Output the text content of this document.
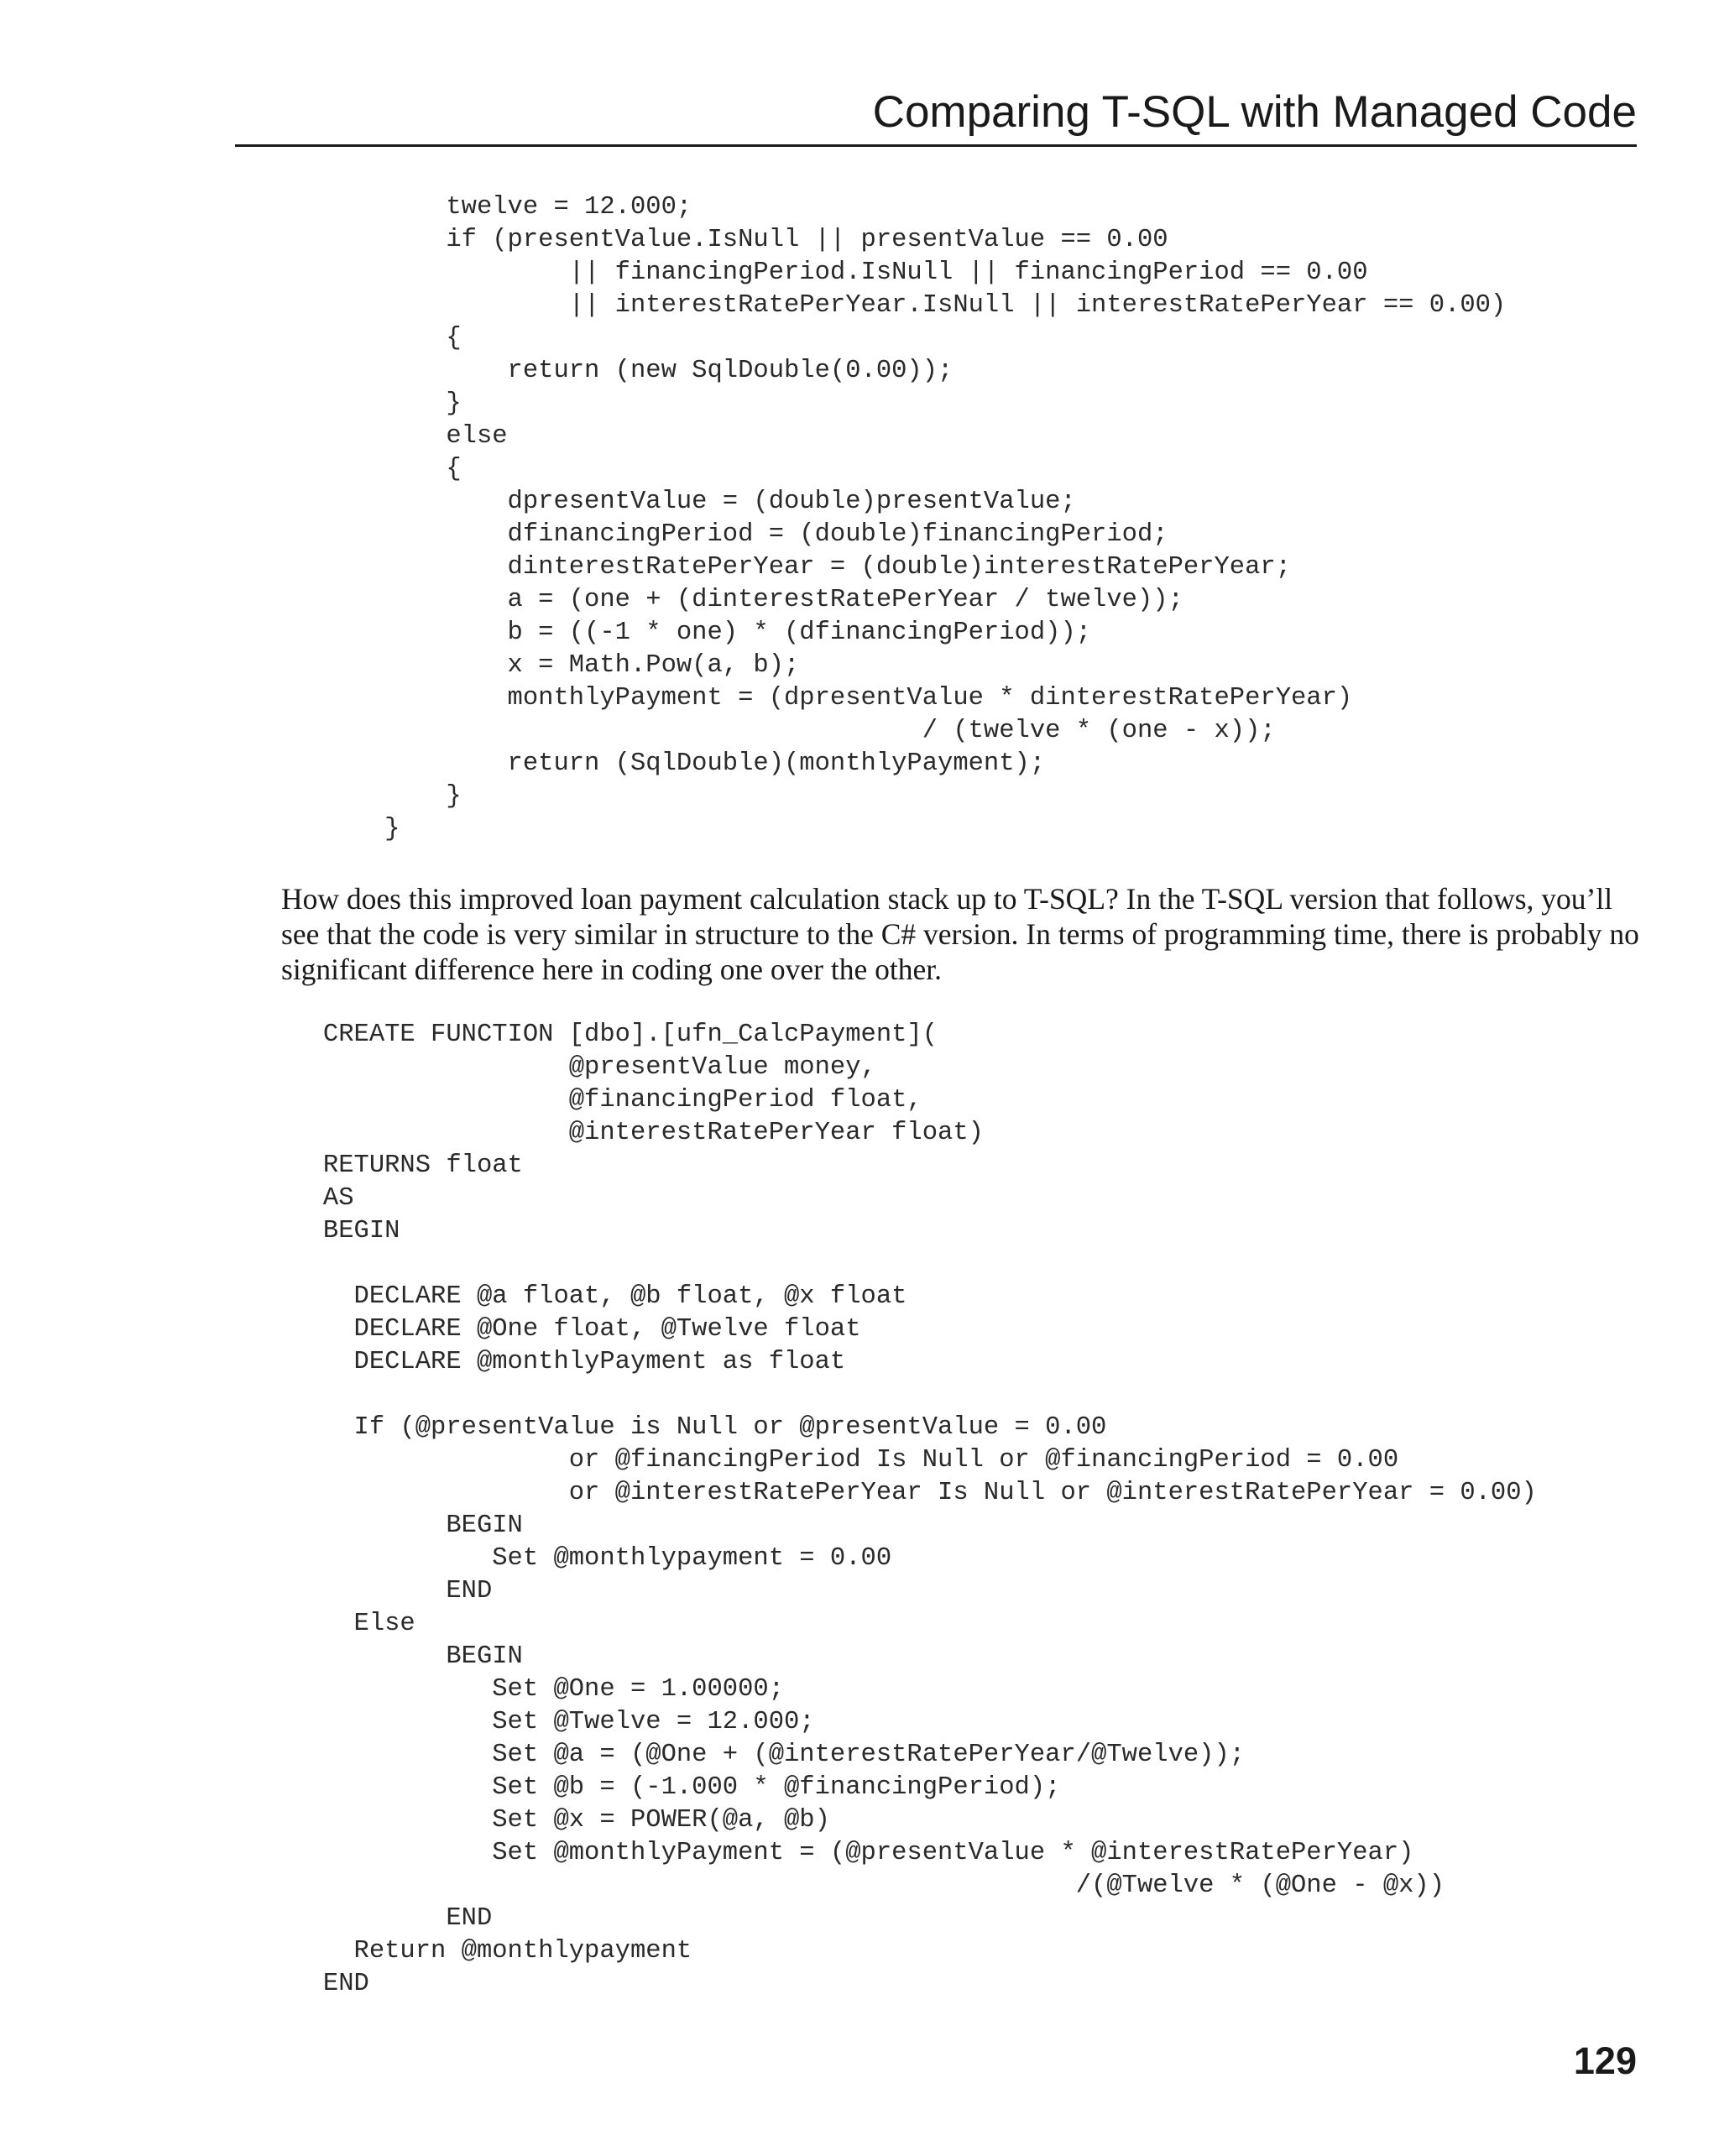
Comparing T-SQL with Managed Code
twelve = 12.000;
if (presentValue.IsNull || presentValue == 0.00
|| financingPeriod.IsNull || financingPeriod == 0.00
|| interestRatePerYear.IsNull || interestRatePerYear == 0.00)
{
return (new SqlDouble(0.00));
}
else
{
dpresentValue = (double)presentValue;
dfinancingPeriod = (double)financingPeriod;
dinterestRatePerYear = (double)interestRatePerYear;
a = (one + (dinterestRatePerYear / twelve));
b = ((-1 * one) * (dfinancingPeriod));
x = Math.Pow(a, b);
monthlyPayment = (dpresentValue * dinterestRatePerYear)
/ (twelve * (one - x));
return (SqlDouble)(monthlyPayment);
}
}

How does this improved loan payment calculation stack up to T-SQL? In the T-SQL version that follows, you’ll see that the code is very similar in structure to the C# version. In terms of programming time, there is probably no significant difference here in coding one over the other.

CREATE FUNCTION [dbo].[ufn_CalcPayment](
@presentValue money,
@financingPeriod float,
@interestRatePerYear float)
RETURNS float
AS
BEGIN

DECLARE @a float, @b float, @x float
DECLARE @One float, @Twelve float
DECLARE @monthlyPayment as float

If (@presentValue is Null or @presentValue = 0.00
or @financingPeriod Is Null or @financingPeriod = 0.00
or @interestRatePerYear Is Null or @interestRatePerYear = 0.00)
BEGIN
Set @monthlypayment = 0.00
END
Else
BEGIN
Set @One = 1.00000;
Set @Twelve = 12.000;
Set @a = (@One + (@interestRatePerYear/@Twelve));
Set @b = (-1.000 * @financingPeriod);
Set @x = POWER(@a, @b)
Set @monthlyPayment = (@presentValue * @interestRatePerYear)
/(@Twelve * (@One - @x))
END
Return @monthlypayment
END
129
